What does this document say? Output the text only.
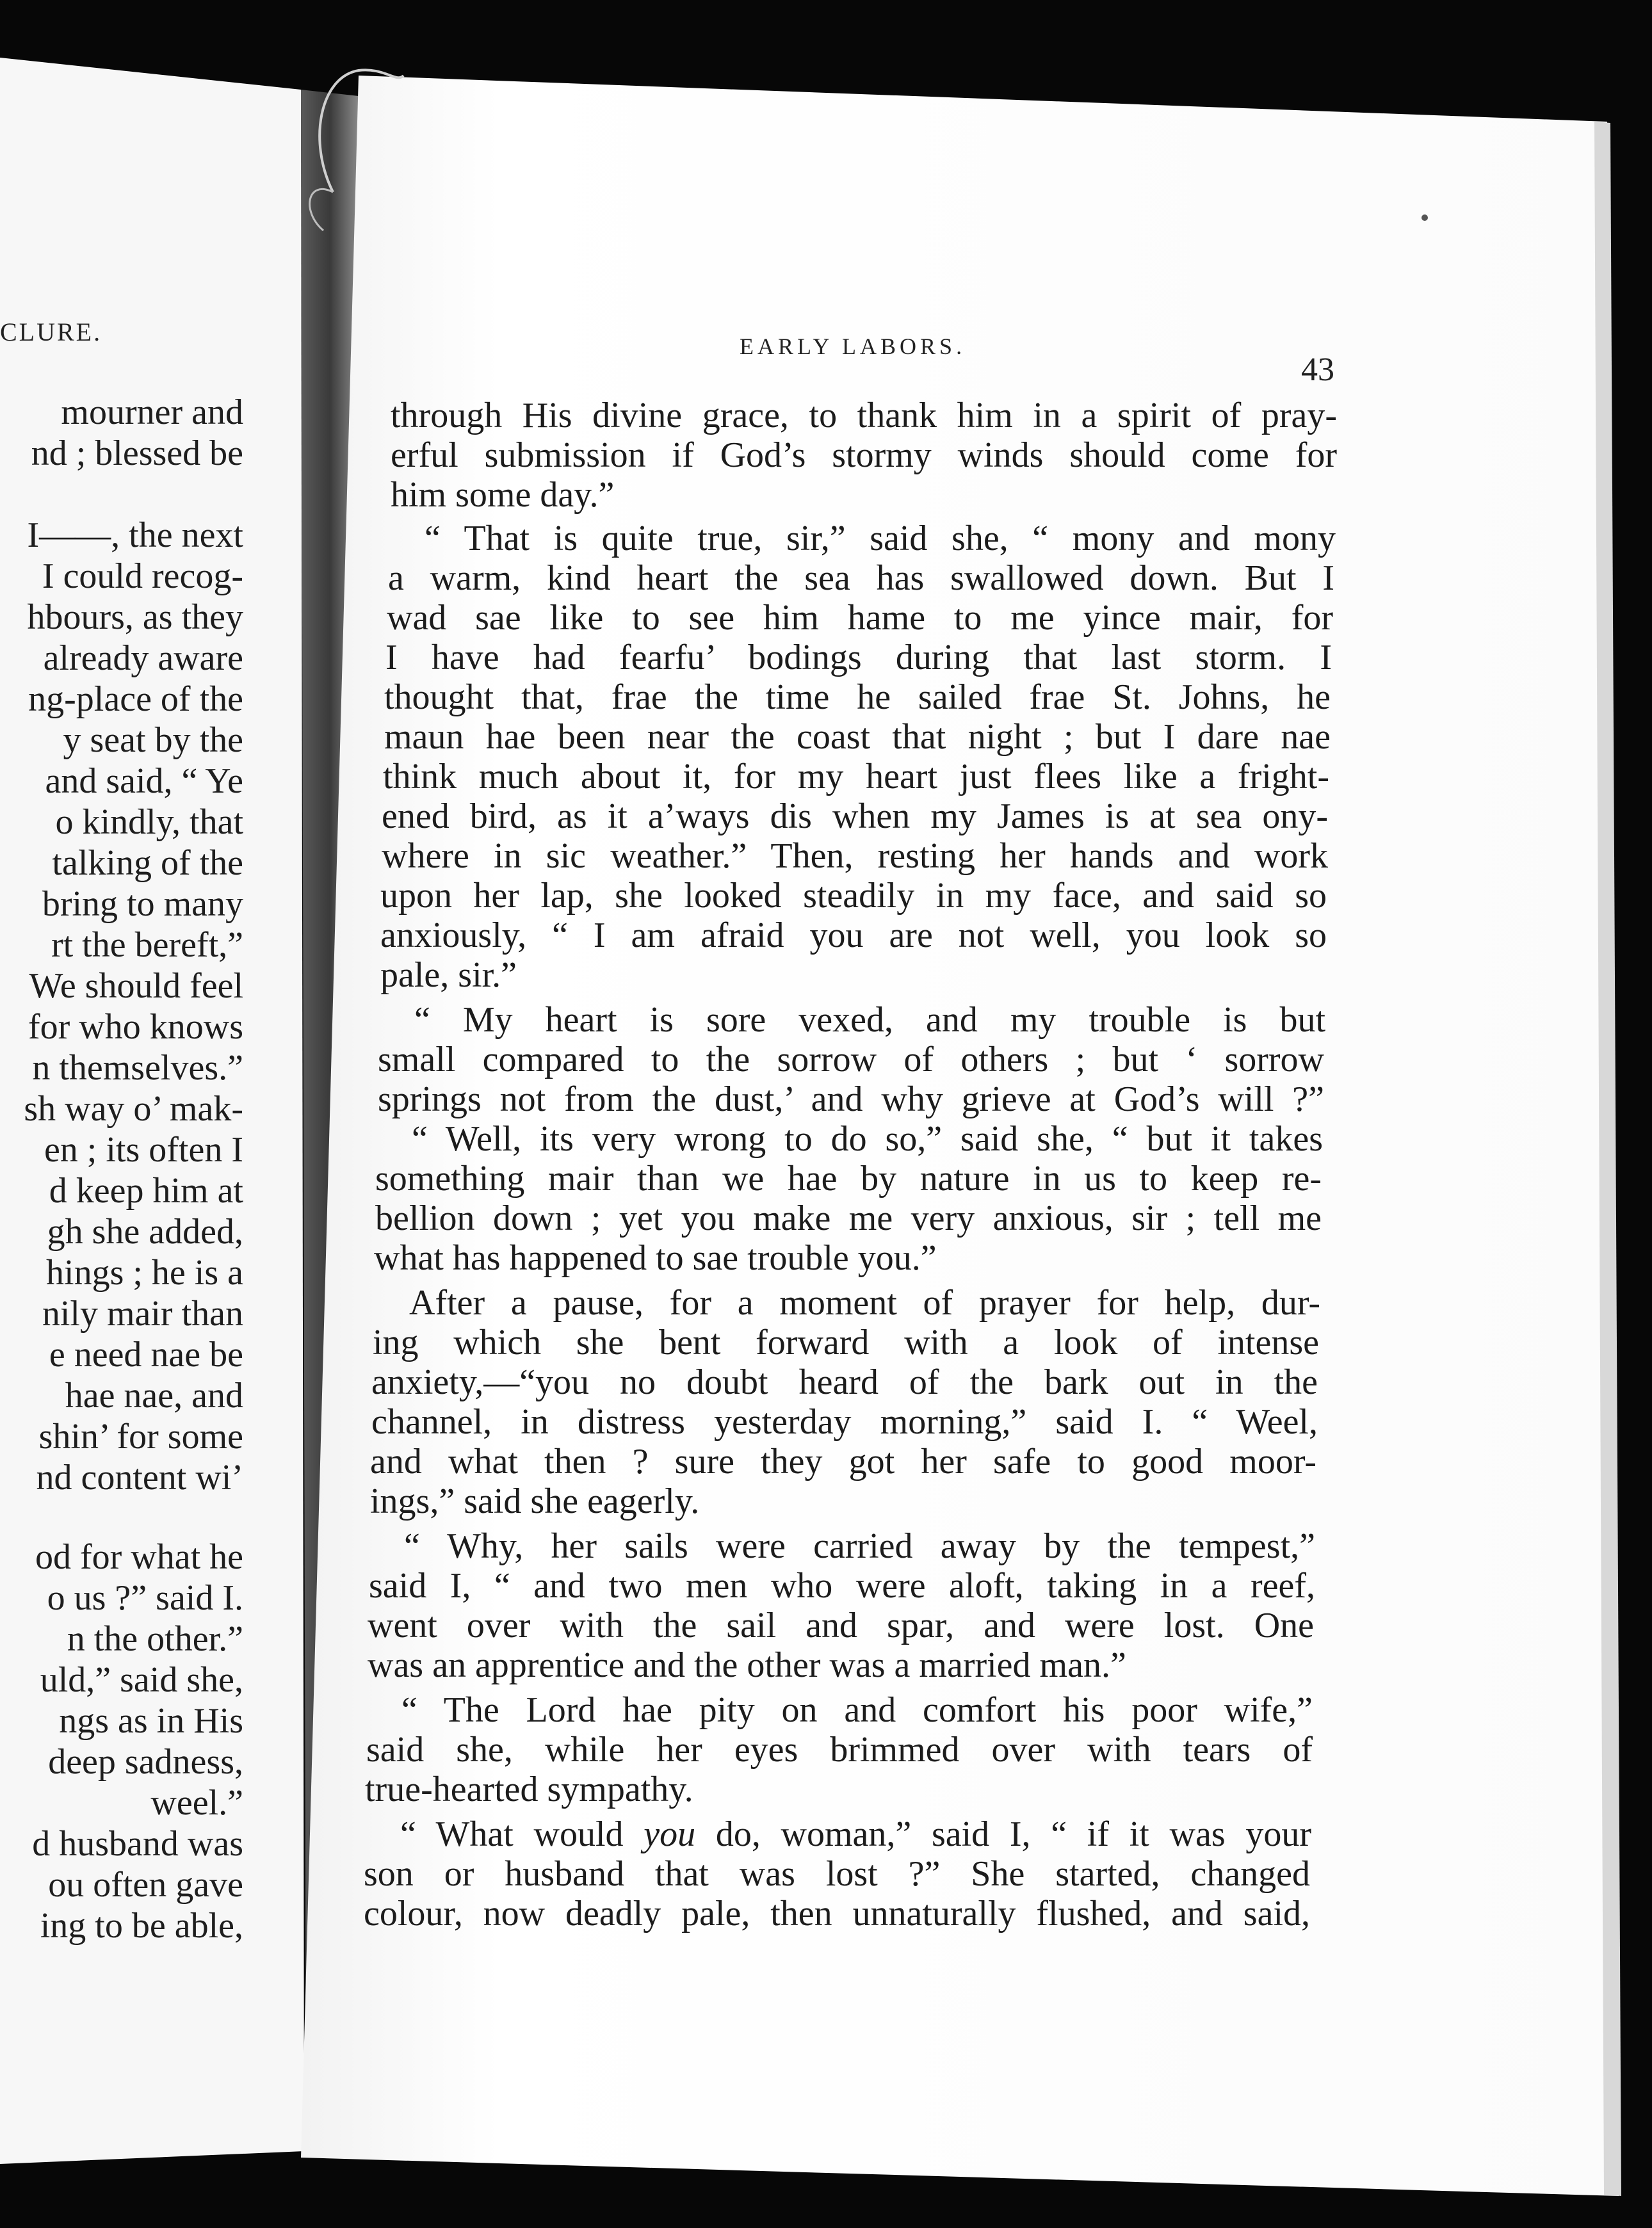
CLURE.
mourner and
nd ; blessed be
I——, the next
I could recog-
hbours, as they
already aware
ng-place of the
y seat by the
and said, “ Ye
o kindly, that
talking of the
bring to many
rt the bereft,”
We should feel
for who knows
n themselves.”
sh way o’ mak-
en ; its often I
d keep him at
gh she added,
hings ; he is a
nily mair than
e need nae be
hae nae, and
shin’ for some
nd content wi’
od for what he
o us ?” said I.
n the other.”
uld,” said she,
ngs as in His
deep sadness,
weel.”
d husband was
ou often gave
ing to be able,
EARLY LABORS.
43
through His divine grace, to thank him in a spirit of pray-
erful submission if God’s stormy winds should come for
him some day.”
“ That is quite true, sir,” said she, “ mony and mony
a warm, kind heart the sea has swallowed down. But I
wad sae like to see him hame to me yince mair, for
I have had fearfu’ bodings during that last storm. I
thought that, frae the time he sailed frae St. Johns, he
maun hae been near the coast that night ; but I dare nae
think much about it, for my heart just flees like a fright-
ened bird, as it a’ways dis when my James is at sea ony-
where in sic weather.” Then, resting her hands and work
upon her lap, she looked steadily in my face, and said so
anxiously, “ I am afraid you are not well, you look so
pale, sir.”
“ My heart is sore vexed, and my trouble is but
small compared to the sorrow of others ; but ‘ sorrow
springs not from the dust,’ and why grieve at God’s will ?”
“ Well, its very wrong to do so,” said she, “ but it takes
something mair than we hae by nature in us to keep re-
bellion down ; yet you make me very anxious, sir ; tell me
what has happened to sae trouble you.”
After a pause, for a moment of prayer for help, dur-
ing which she bent forward with a look of intense
anxiety,—“you no doubt heard of the bark out in the
channel, in distress yesterday morning,” said I. “ Weel,
and what then ? sure they got her safe to good moor-
ings,” said she eagerly.
“ Why, her sails were carried away by the tempest,”
said I, “ and two men who were aloft, taking in a reef,
went over with the sail and spar, and were lost. One
was an apprentice and the other was a married man.”
“ The Lord hae pity on and comfort his poor wife,”
said she, while her eyes brimmed over with tears of
true-hearted sympathy.
“ What would you do, woman,” said I, “ if it was your
son or husband that was lost ?” She started, changed
colour, now deadly pale, then unnaturally flushed, and said,
